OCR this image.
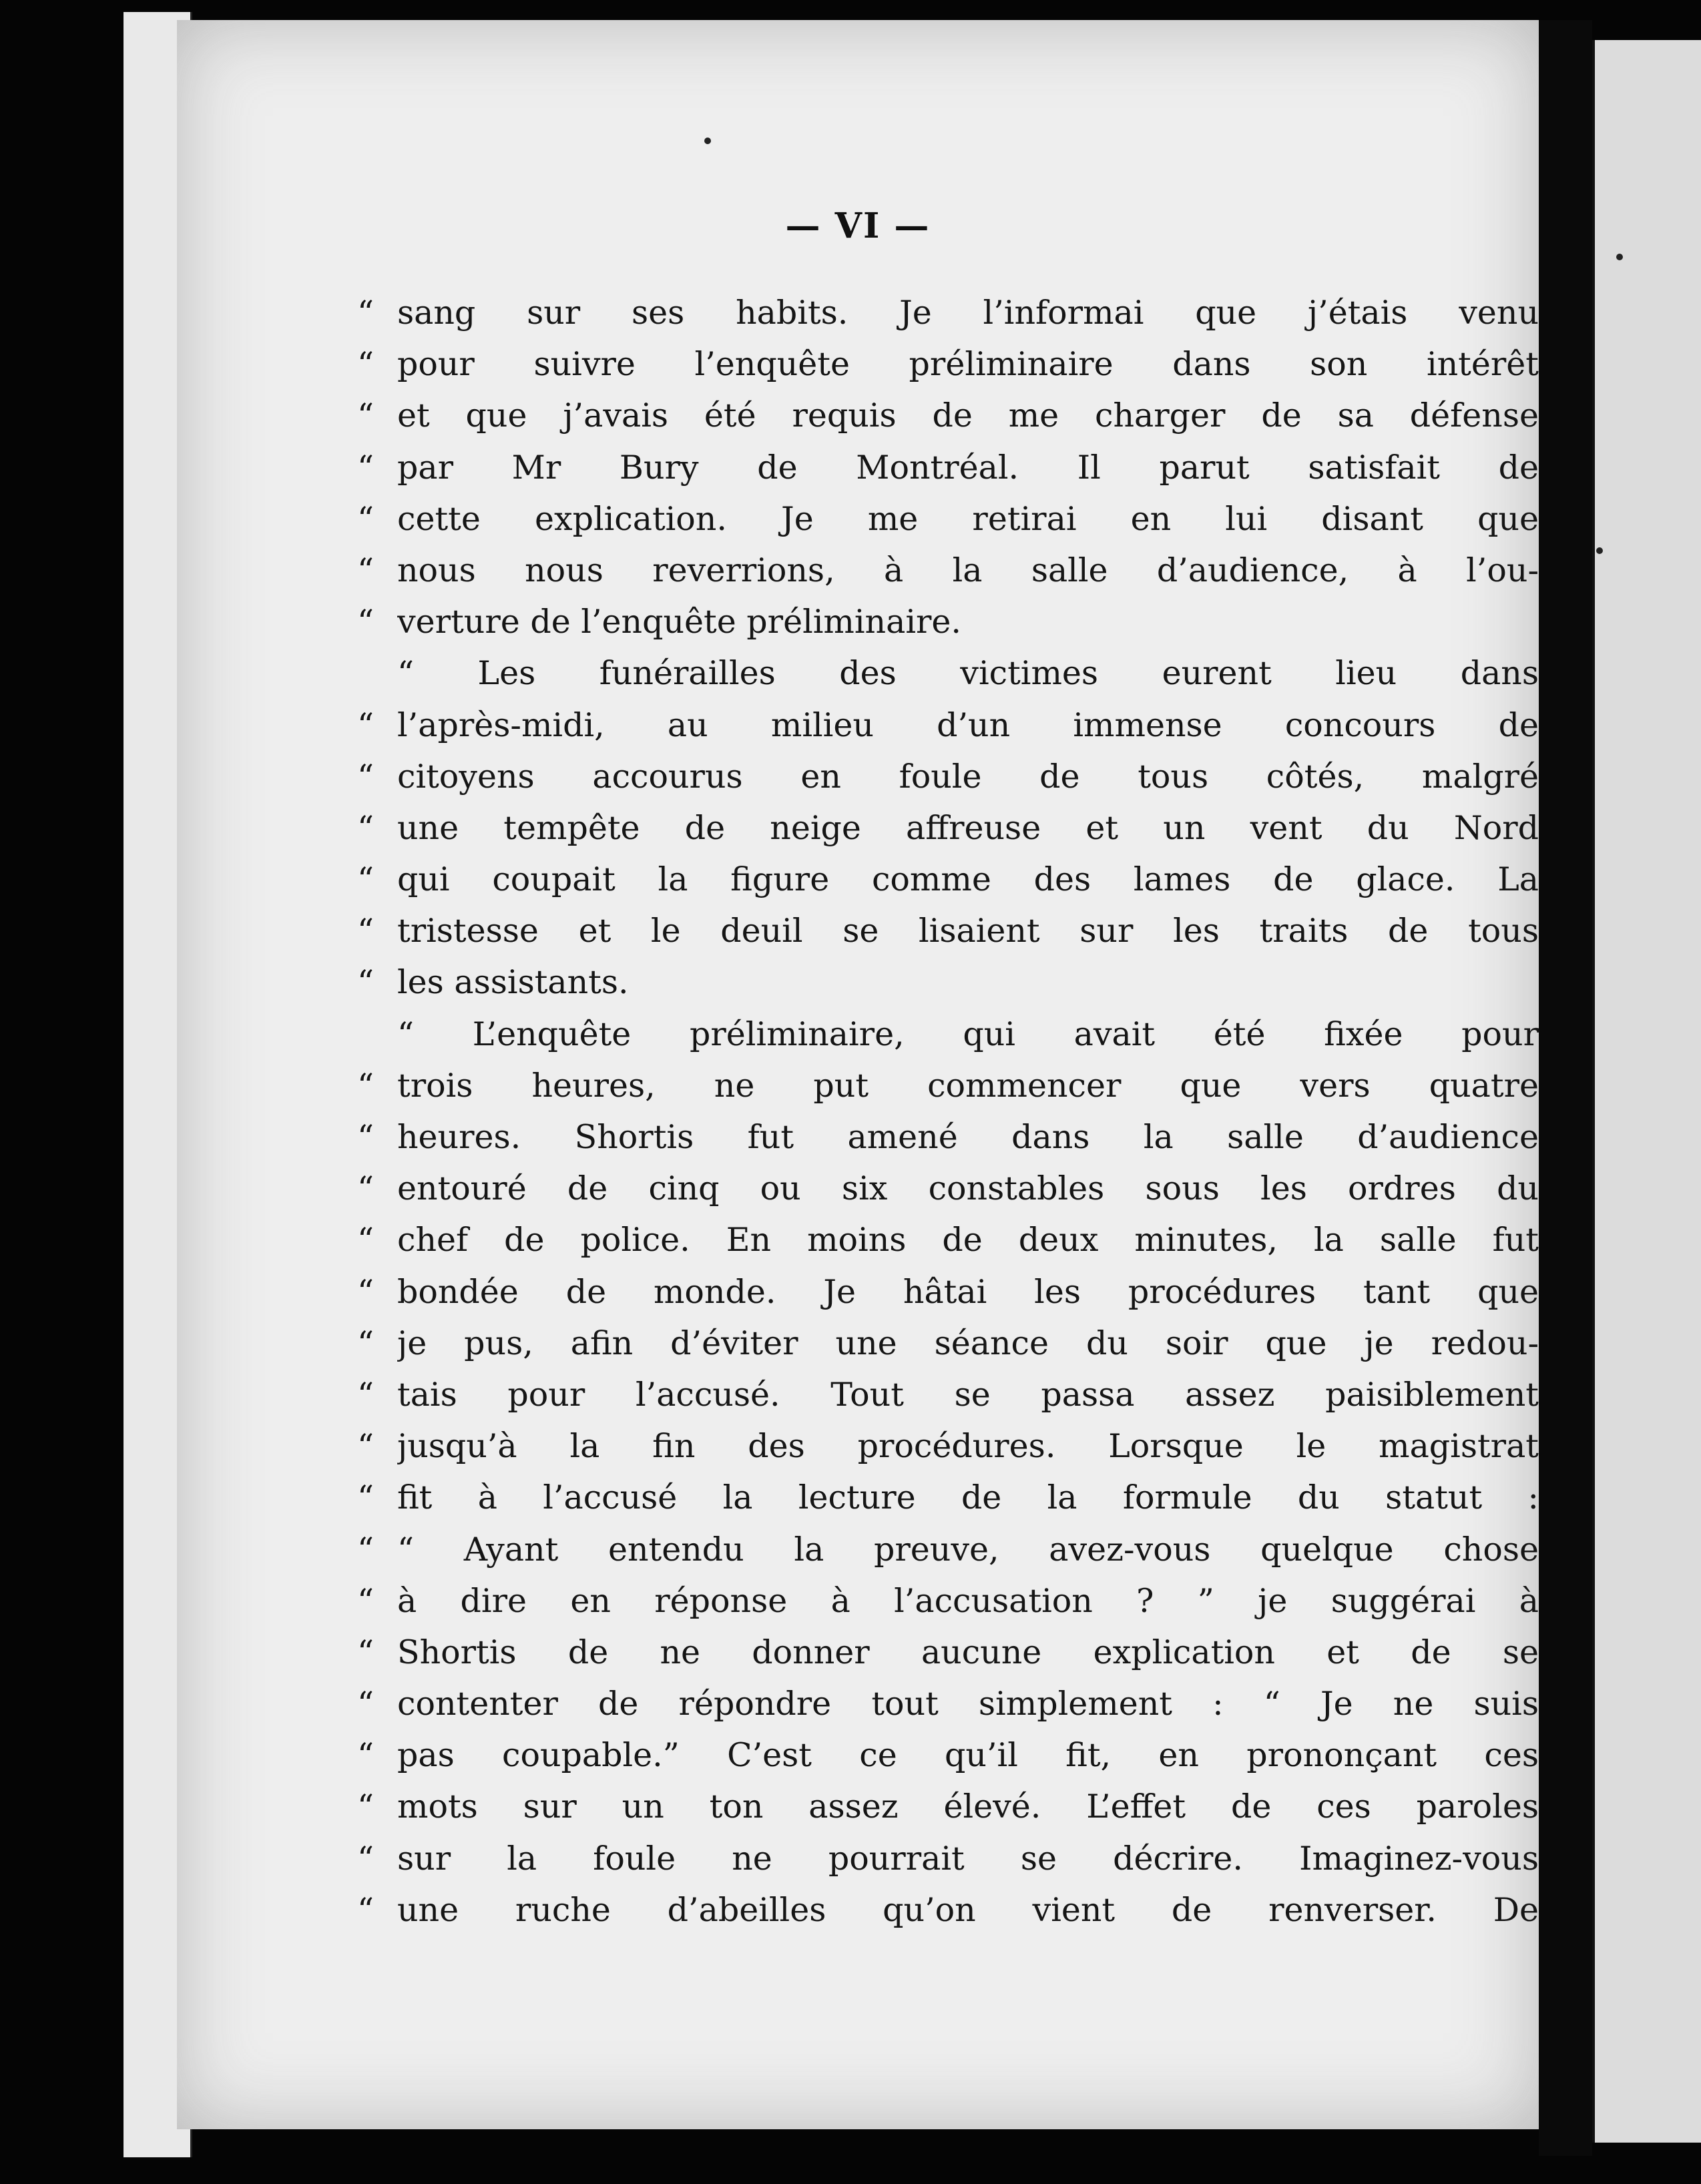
— VI —
“ sang sur ses habits. Je l’informai que j’étais venu
“ pour suivre l’enquête préliminaire dans son intérêt
“ et que j’avais été requis de me charger de sa défense
“ par Mr Bury de Montréal. Il parut satisfait de
“ cette explication. Je me retirai en lui disant que
“ nous nous reverrions, à la salle d’audience, à l’ou-
“ verture de l’enquête préliminaire.
“ Les funérailles des victimes eurent lieu dans
“ l’après-midi, au milieu d’un immense concours de
“ citoyens accourus en foule de tous côtés, malgré
“ une tempête de neige affreuse et un vent du Nord
“ qui coupait la figure comme des lames de glace. La
“ tristesse et le deuil se lisaient sur les traits de tous
“ les assistants.
“ L’enquête préliminaire, qui avait été fixée pour
“ trois heures, ne put commencer que vers quatre
“ heures. Shortis fut amené dans la salle d’audience
“ entouré de cinq ou six constables sous les ordres du
“ chef de police. En moins de deux minutes, la salle fut
“ bondée de monde. Je hâtai les procédures tant que
“ je pus, afin d’éviter une séance du soir que je redou-
“ tais pour l’accusé. Tout se passa assez paisiblement
“ jusqu’à la fin des procédures. Lorsque le magistrat
“ fit à l’accusé la lecture de la formule du statut :
“ “ Ayant entendu la preuve, avez-vous quelque chose
“ à dire en réponse à l’accusation ? ” je suggérai à
“ Shortis de ne donner aucune explication et de se
“ contenter de répondre tout simplement : “ Je ne suis
“ pas coupable.” C’est ce qu’il fit, en prononçant ces
“ mots sur un ton assez élevé. L’effet de ces paroles
“ sur la foule ne pourrait se décrire. Imaginez-vous
“ une ruche d’abeilles qu’on vient de renverser. De
